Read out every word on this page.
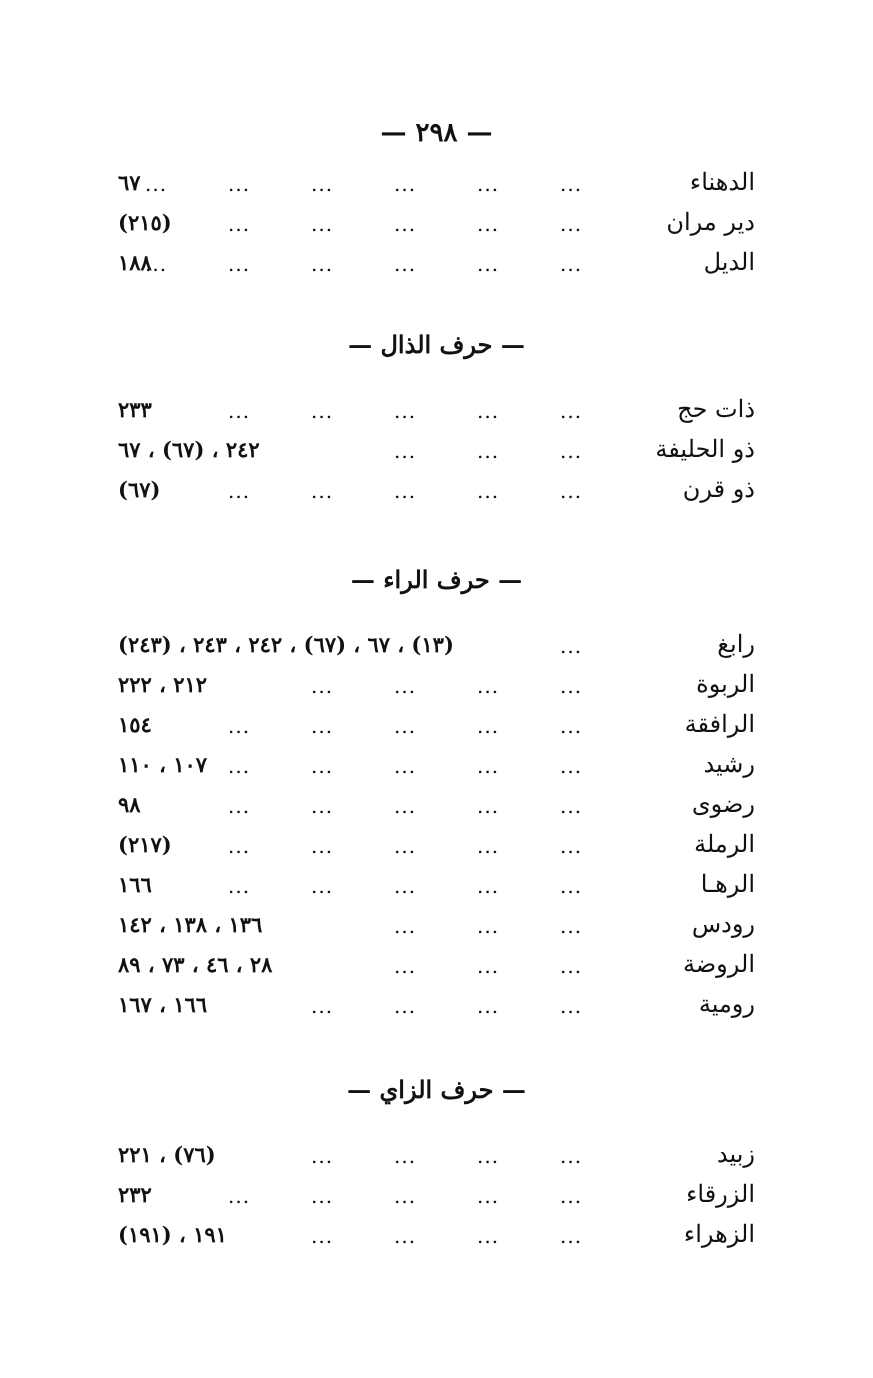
— ٢٩٨ —
الدهناء
...
...
...
...
...
...
٦٧
دير مران
...
...
...
...
...
(٢١٥)
الديل
...
...
...
...
...
...
١٨٨
— حرف الذال —
ذات حج
...
...
...
...
...
٢٣٣
ذو الحليفة
...
...
...
٢٤٢ ، (٦٧) ، ٦٧
ذو قرن
...
...
...
...
...
(٦٧)
— حرف الراء —
رابغ
...
(١٣) ، ٦٧ ، (٦٧) ، ٢٤٢ ، ٢٤٣ ، (٢٤٣)
الربوة
...
...
...
...
٢١٢ ، ٢٢٢
الرافقة
...
...
...
...
...
١٥٤
رشيد
...
...
...
...
...
١٠٧ ، ١١٠
رضوى
...
...
...
...
...
٩٨
الرملة
...
...
...
...
...
(٢١٧)
الرهـا
...
...
...
...
...
١٦٦
رودس
...
...
...
١٣٦ ، ١٣٨ ، ١٤٢
الروضة
...
...
...
٢٨ ، ٤٦ ، ٧٣ ، ٨٩
رومية
...
...
...
...
١٦٦ ، ١٦٧
— حرف الزاي —
زبيد
...
...
...
...
(٧٦) ، ٢٢١
الزرقاء
...
...
...
...
...
٢٣٢
الزهراء
...
...
...
...
١٩١ ، (١٩١)
